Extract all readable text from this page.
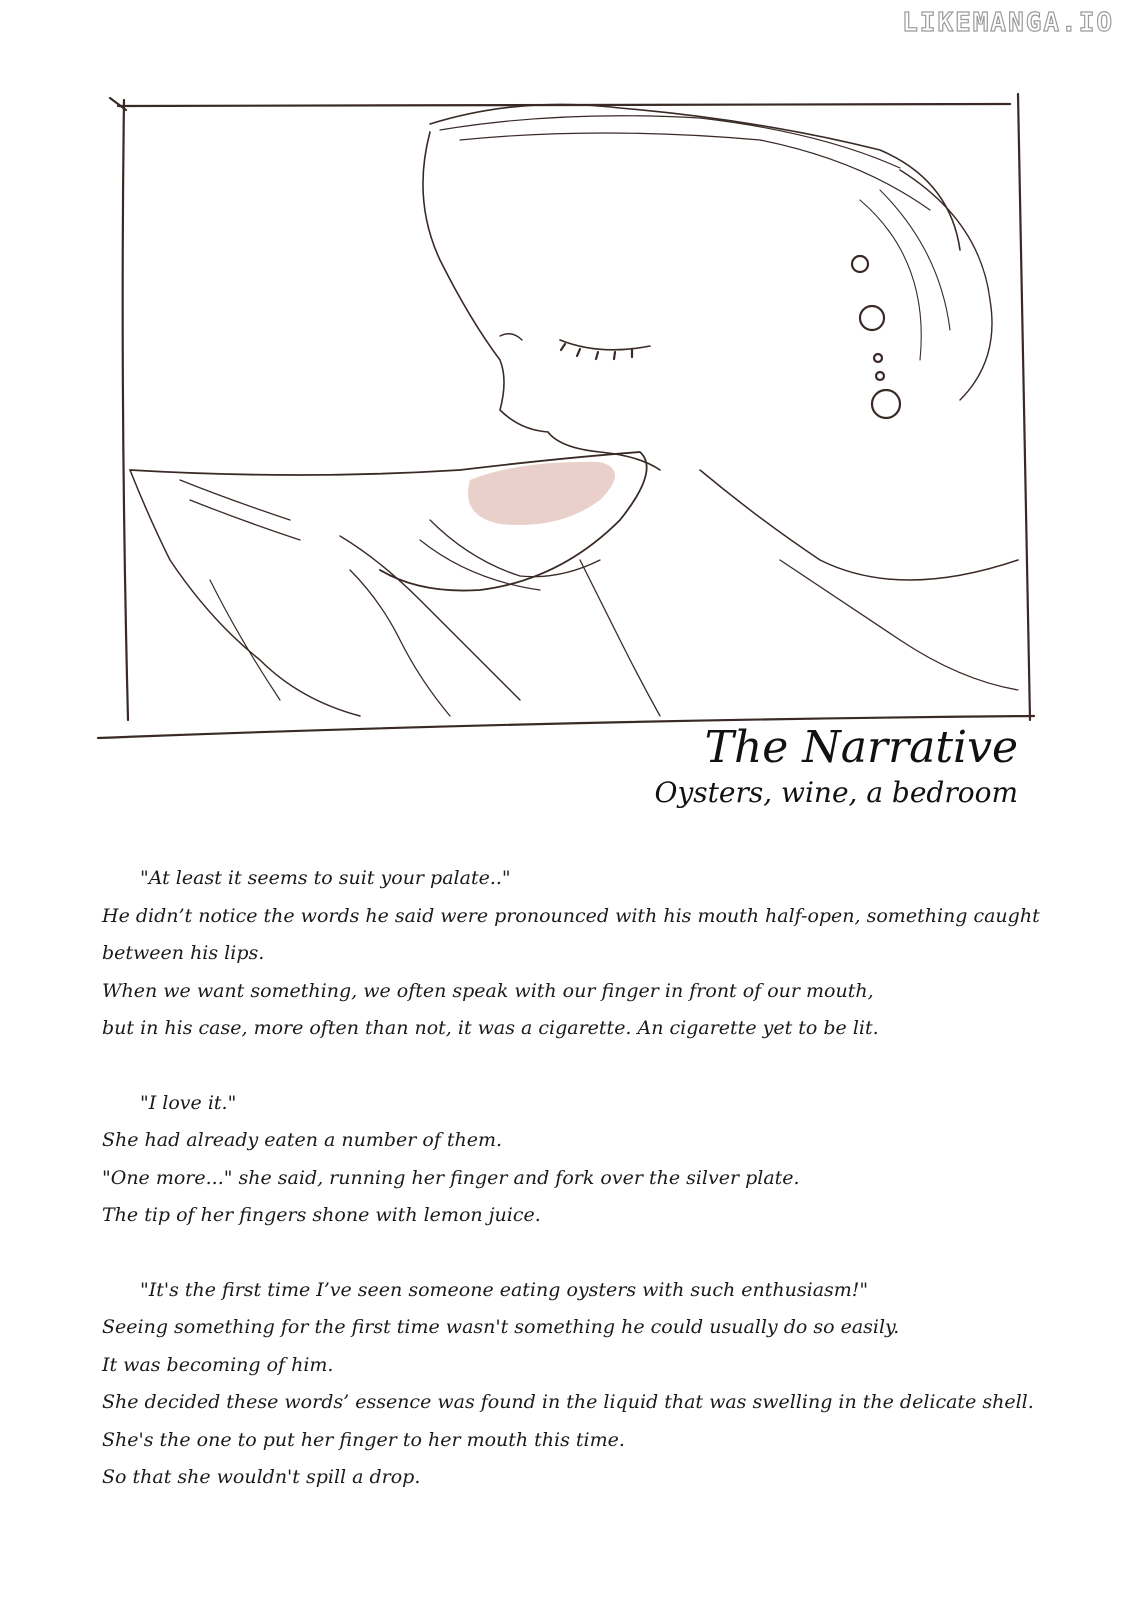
LIKEMANGA.IO
The Narrative
Oysters, wine, a bedroom
"At least it seems to suit your palate.."
He didn’t notice the words he said were pronounced with his mouth half-open, something caught
between his lips.
When we want something, we often speak with our finger in front of our mouth,
but in his case, more often than not, it was a cigarette. An cigarette yet to be lit.
"I love it."
She had already eaten a number of them.
"One more..." she said, running her finger and fork over the silver plate.
The tip of her fingers shone with lemon juice.
"It's the first time I’ve seen someone eating oysters with such enthusiasm!"
Seeing something for the first time wasn't something he could usually do so easily.
It was becoming of him.
She decided these words’ essence was found in the liquid that was swelling in the delicate shell.
She's the one to put her finger to her mouth this time.
So that she wouldn't spill a drop.
